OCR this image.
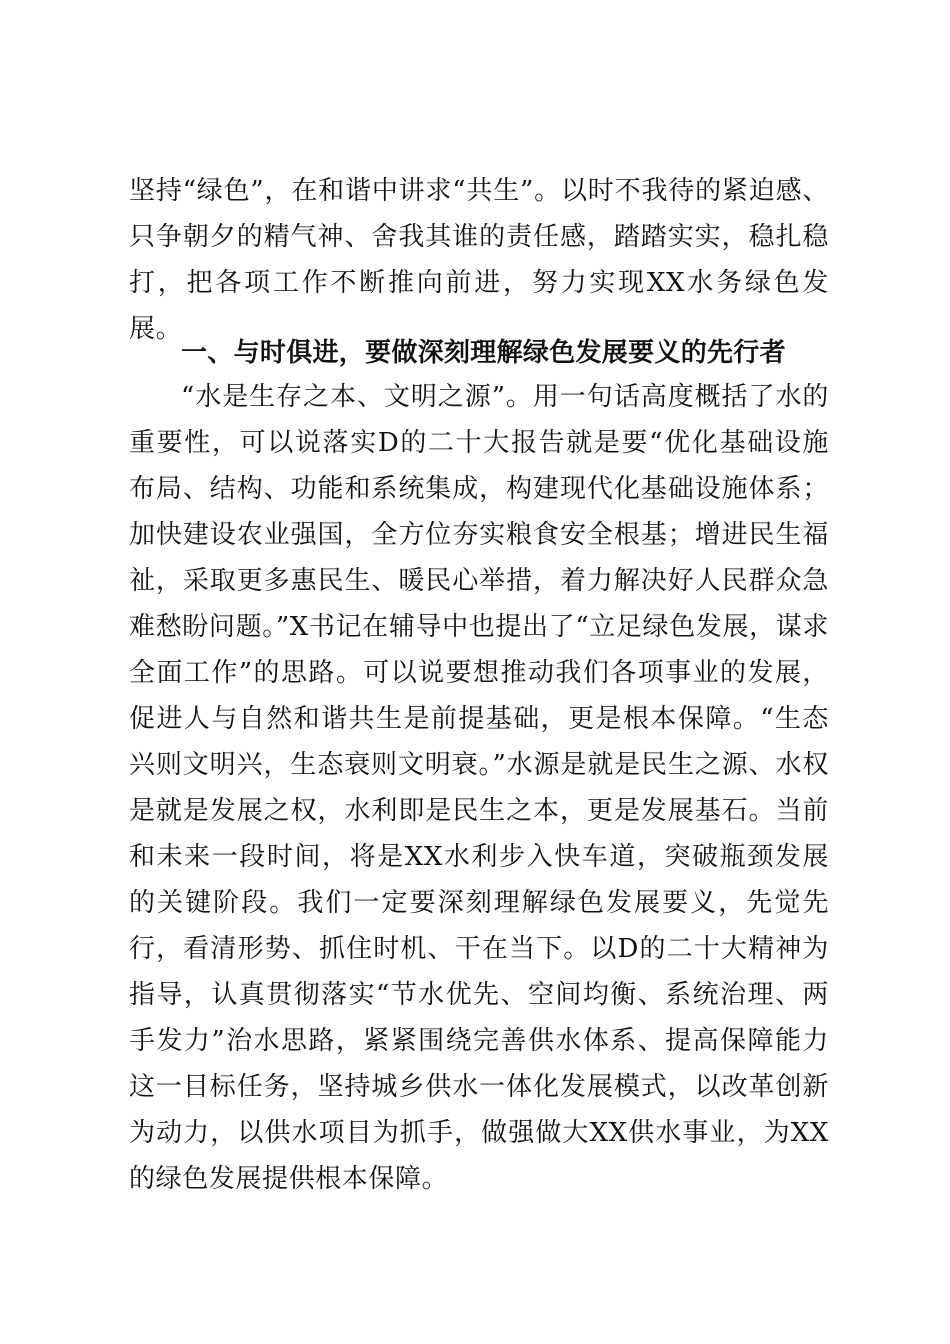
坚持“绿色”，在和谐中讲求“共生”。以时不我待的紧迫感、只争朝夕的精气神、舍我其谁的责任感，踏踏实实，稳扎稳打，把各项工作不断推向前进，努力实现XX水务绿色发展。

一、与时俱进，要做深刻理解绿色发展要义的先行者

“水是生存之本、文明之源”。用一句话高度概括了水的重要性，可以说落实D的二十大报告就是要“优化基础设施布局、结构、功能和系统集成，构建现代化基础设施体系；加快建设农业强国，全方位夯实粮食安全根基；增进民生福祉，采取更多惠民生、暖民心举措，着力解决好人民群众急难愁盼问题。”X书记在辅导中也提出了“立足绿色发展，谋求全面工作”的思路。可以说要想推动我们各项事业的发展，促进人与自然和谐共生是前提基础，更是根本保障。“生态兴则文明兴，生态衰则文明衰。”水源是就是民生之源、水权是就是发展之权，水利即是民生之本，更是发展基石。当前和未来一段时间，将是XX水利步入快车道，突破瓶颈发展的关键阶段。我们一定要深刻理解绿色发展要义，先觉先行，看清形势、抓住时机、干在当下。以D的二十大精神为指导，认真贯彻落实“节水优先、空间均衡、系统治理、两手发力”治水思路，紧紧围绕完善供水体系、提高保障能力这一目标任务，坚持城乡供水一体化发展模式，以改革创新为动力，以供水项目为抓手，做强做大XX供水事业，为XX的绿色发展提供根本保障。
